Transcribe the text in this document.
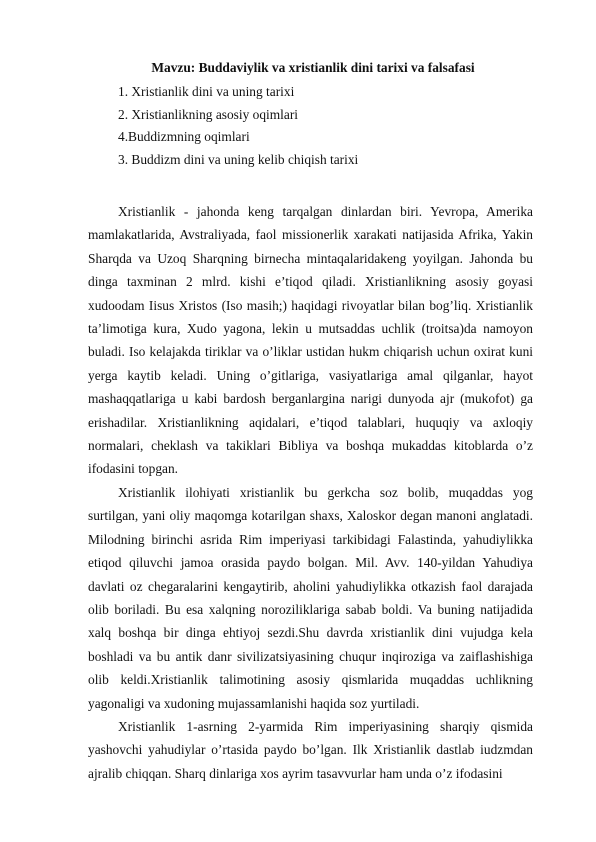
Mavzu: Buddaviylik va xristianlik dini tarixi va falsafasi
1. Xristianlik dini va uning tarixi
2. Xristianlikning asosiy oqimlari
4.Buddizmning oqimlari
3. Buddizm dini va uning kelib chiqish tarixi

Xristianlik - jahonda keng tarqalgan dinlardan biri. Yevropa, Amerika mamlakatlarida, Avstraliyada, faol missionerlik xarakati natijasida Afrika, Yakin Sharqda va Uzoq Sharqning birnecha mintaqalaridakeng yoyilgan. Jahonda bu dinga taxminan 2 mlrd. kishi e’tiqod qiladi. Xristianlikning asosiy goyasi xudoodam Iisus Xristos (Iso masih;) haqidagi rivoyatlar bilan bog’liq. Xristianlik ta’limotiga kura, Xudo yagona, lekin u mutsaddas uchlik (troitsa)da namoyon buladi. Iso kelajakda tiriklar va o’liklar ustidan hukm chiqarish uchun oxirat kuni yerga kaytib keladi. Uning o’gitlariga, vasiyatlariga amal qilganlar, hayot mashaqqatlariga u kabi bardosh berganlargina narigi dunyoda ajr (mukofot) ga erishadilar. Xristianlikning aqidalari, e’tiqod talablari, huquqiy va axloqiy normalari, cheklash va takiklari Bibliya va boshqa mukaddas kitoblarda o’z ifodasini topgan.

Xristianlik ilohiyati xristianlik bu gerkcha soz bolib, muqaddas yog surtilgan, yani oliy maqomga kotarilgan shaxs, Xaloskor degan manoni anglatadi. Milodning birinchi asrida Rim imperiyasi tarkibidagi Falastinda, yahudiylikka etiqod qiluvchi jamoa orasida paydo bolgan. Mil. Avv. 140-yildan Yahudiya davlati oz chegaralarini kengaytirib, aholini yahudiylikka otkazish faol darajada olib boriladi. Bu esa xalqning noroziliklariga sabab boldi. Va buning natijadida xalq boshqa bir dinga ehtiyoj sezdi.Shu davrda xristianlik dini vujudga kela boshladi va bu antik danr sivilizatsiyasining chuqur inqiroziga va zaiflashishiga olib keldi.Xristianlik talimotining asosiy qismlarida muqaddas uchlikning yagonaligi va xudoning mujassamlanishi haqida soz yurtiladi.

Xristianlik 1-asrning 2-yarmida Rim imperiyasining sharqiy qismida yashovchi yahudiylar o’rtasida paydo bo’lgan. Ilk Xristianlik dastlab iudzmdan ajralib chiqqan. Sharq dinlariga xos ayrim tasavvurlar ham unda o’z ifodasini
